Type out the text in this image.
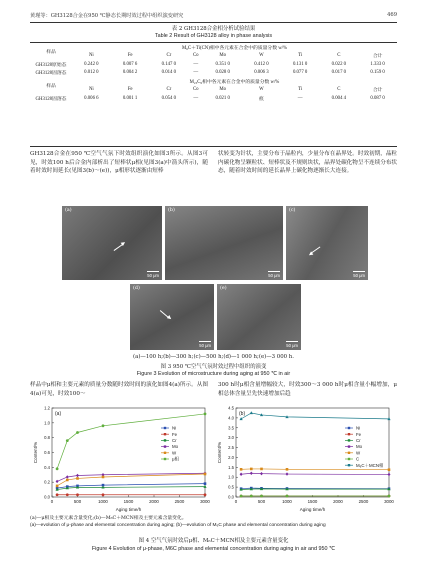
黄瑾等：GH3128合金在950 ℃静态长期时效过程中组织演变研究	469
表 2 GH3128合金相分析试验结果
Table 2 Result of GH3128 alloy in phase analysis
样品	M₆C＋Ti(CN)相中各元素在合金中的质量分数 w/%								
	Ni	Fe	Cr	Co	Mo	W	Ti	C	合计
GH3128原始态	0.242 0	0.007 6	0.147 0	—	0.351 0	0.412 0	0.131 0	0.022 0	1.333 0
GH3128固溶态	0.012 0	0.004 2	0.014 0	—	0.028 0	0.006 3	0.077 0	0.017 0	0.159 0
样品	M₂₃C₆相中各元素在合金中的质量分数 w/%								
	Ni	Fe	Cr	Co	Mo	W	Ti	C	合计
GH3128固溶态	0.006 6	0.001 1	0.054 0	—	0.021 0	痕	—	0.004 4	0.087 0
GH3128合金在950 ℃空气气氛下时效组织演化如图3所示。从图3可见，时效100 h后合金内部析出了短棒状μ相(见图3(a)中箭头所示)，随着时效时间延长(见图3(b)～(e))，μ相形状逐渐由短棒
状转变为针状，主要分布于晶粒内，少量分布在晶界处。时效初期，晶粒内碳化物呈颗粒状、短棒状及不规则块状，晶界处碳化物呈不连续分布状态，随着时效时间的延长晶界上碳化物逐渐长大连接。
(a)
50 μm
(b)
50 μm
(c)
50 μm
(d)
50 μm
(e)
50 μm
(a)—100 h;(b)—300 h;(c)—500 h;(d)—1 000 h;(e)—3 000 h.
图 3 950 ℃空气气氛时效过程中组织的演变
Figure 3 Evolution of microstructure during aging at 950 ℃ in air
样品中μ相和主要元素的质量分数随时效时间的演化如图4(a)所示。从图4(a)可见，时效100～
300 h时μ相含量增幅较大，时效300～3 000 h时μ相含量小幅增加，μ相总体含量呈先快速增加后趋
(a)
0	500	1000	1500	2000	2500	3000
0.0
0.2
0.4
0.6
0.8
1.0
1.2
Aging time/h
Content/%
Ni
Fe
Cr
Mo
W
μ相
(b)
0	500	1000	1500	2000	2500	3000
0.0
0.5
1.0
1.5
2.0
2.5
3.0
3.5
4.0
4.5
Aging time/h
Content/%
Ni
Fe
Cr
Mo
W
C
M₆C＋MCN相
(a)—μ相及主要元素含量变化;(b)—M₆C＋MCN相及主要元素含量变化。
(a)—evolution of μ-phase and elemental concentration during aging; (b)—evolution of M₆C phase and elemental concentration during aging
图 4 空气气氛时效后μ相、M₆C＋MCN相及主要元素含量变化
Figure 4 Evolution of μ-phase, M6C phase and elemental concentration during aging in air and 950 ℃
